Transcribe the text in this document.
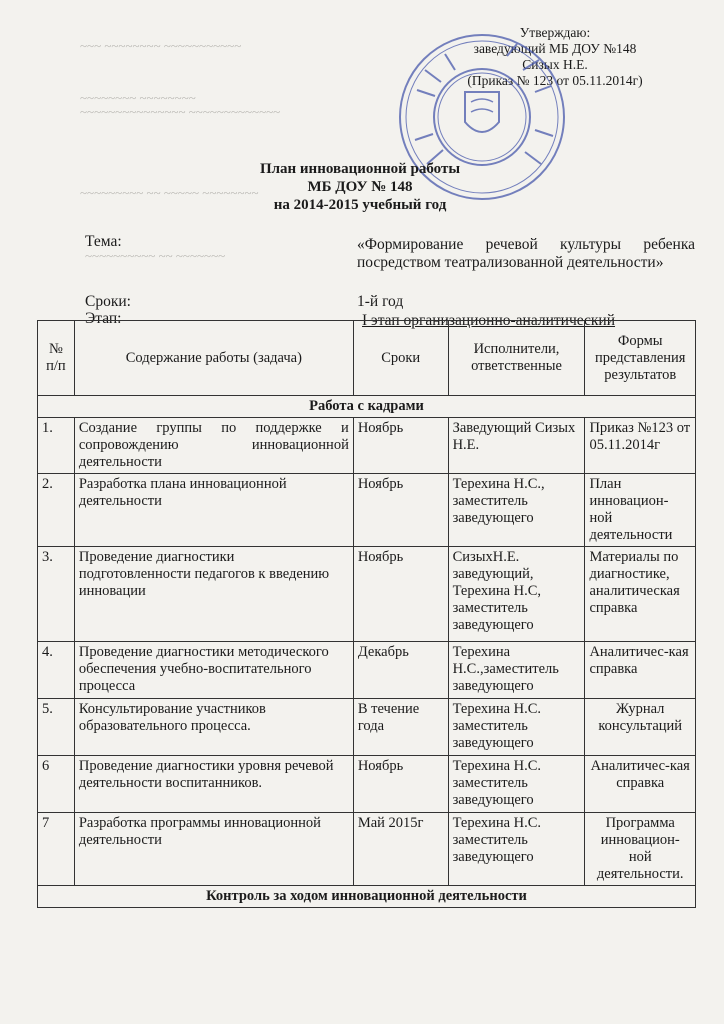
~~~ ~~~~~~~~ ~~~~~~~~~~~
~~~~~~~~ ~~~~~~~~
~~~~~~~~~~~~~~~ ~~~~~~~~~~~~~
~~~~~~~~~ ~~ ~~~~~ ~~~~~~~~
~~~~~~~~~~ ~~ ~~~~~~~
Утверждаю:
заведующий МБ ДОУ №148
Сизых Н.Е.
(Приказ № 123 от 05.11.2014г)
План инновационной работы
МБ ДОУ № 148
на 2014-2015 учебный год
Тема:	«Формирование речевой культуры ребенка посредством театрализованной деятельности»
Сроки:	1-й год
Этап:	I этап организационно-аналитический
№ п/п	Содержание работы (задача)	Сроки	Исполнители, ответственные	Формы представления результатов
Работа с кадрами				
1.	Создание группы по поддержке и сопровождению инновационной деятельности	Ноябрь	Заведующий Сизых Н.Е.	Приказ №123 от 05.11.2014г
2.	Разработка плана инновационной деятельности	Ноябрь	Терехина Н.С., заместитель заведующего	План инновацион-ной деятельности
3.	Проведение диагностики подготовленности педагогов к введению инновации	Ноябрь	СизыхН.Е. заведующий, Терехина Н.С, заместитель заведующего	Материалы по диагностике, аналитическая справка
4.	Проведение диагностики методического обеспечения учебно-воспитательного процесса	Декабрь	Терехина Н.С.,заместитель заведующего	Аналитичес-кая справка
5.	Консультирование участников образовательного процесса.	В течение года	Терехина Н.С. заместитель заведующего	Журнал консультаций
6	Проведение диагностики уровня речевой деятельности воспитанников.	Ноябрь	Терехина Н.С. заместитель заведующего	Аналитичес-кая справка
7	Разработка программы инновационной деятельности	Май 2015г	Терехина Н.С. заместитель заведующего	Программа инновацион-ной деятельности.
Контроль за ходом инновационной деятельности				
